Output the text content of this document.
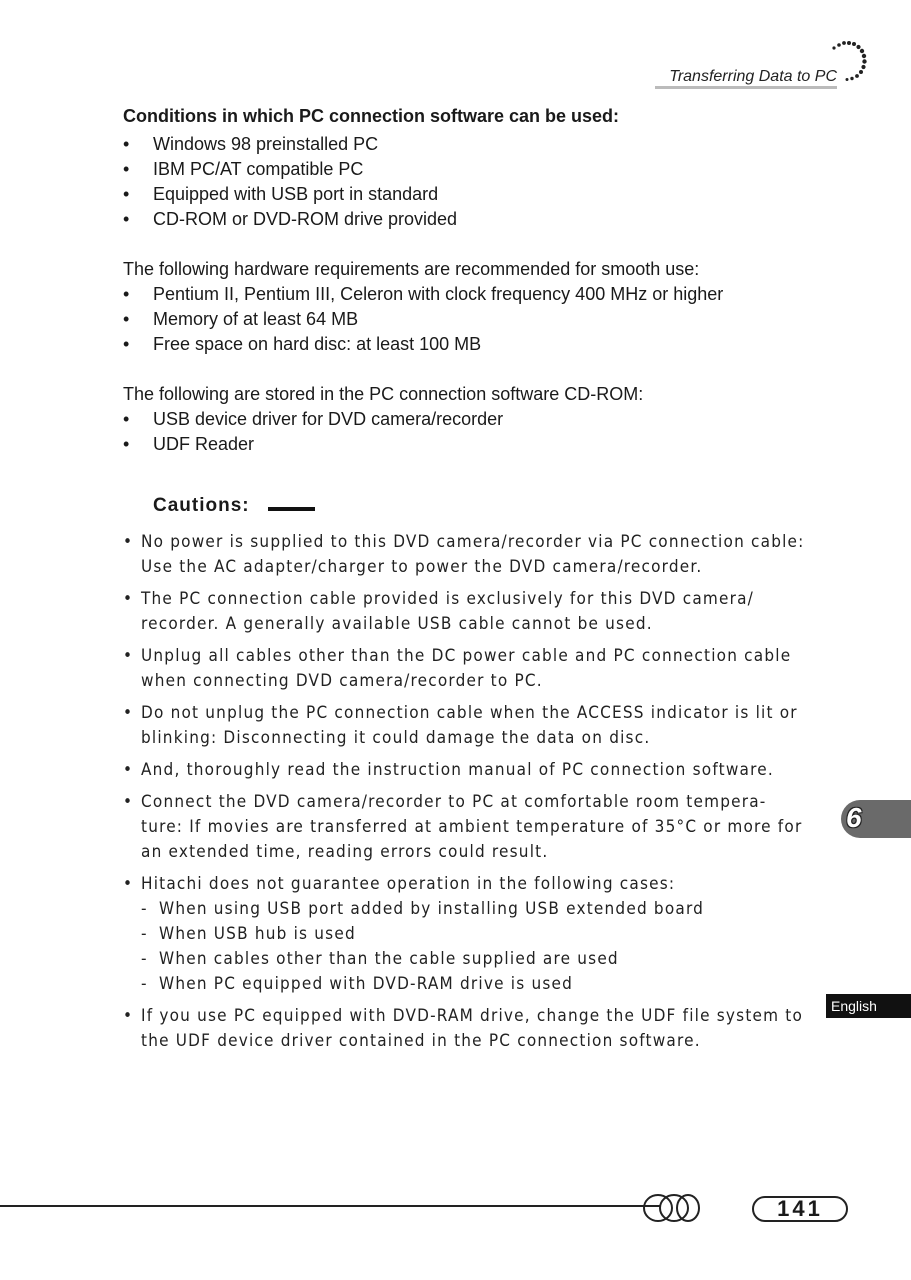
Transferring Data to PC

Conditions in which PC connection software can be used:

• Windows 98 preinstalled PC
• IBM PC/AT compatible PC
• Equipped with USB port in standard
• CD-ROM or DVD-ROM drive provided

The following hardware requirements are recommended for smooth use:

• Pentium II, Pentium III, Celeron with clock frequency 400 MHz or higher
• Memory of at least 64 MB
• Free space on hard disc: at least 100 MB

The following are stored in the PC connection software CD-ROM:

• USB device driver for DVD camera/recorder
• UDF Reader
Cautions:
• No power is supplied to this DVD camera/recorder via PC connection cable: Use the AC adapter/charger to power the DVD camera/recorder.
• The PC connection cable provided is exclusively for this DVD camera/ recorder. A generally available USB cable cannot be used.
• Unplug all cables other than the DC power cable and PC connection cable when connecting DVD camera/recorder to PC.
• Do not unplug the PC connection cable when the ACCESS indicator is lit or blinking: Disconnecting it could damage the data on disc.
• And, thoroughly read the instruction manual of PC connection software.
• Connect the DVD camera/recorder to PC at comfortable room tempera- ture: If movies are transferred at ambient temperature of 35°C or more for an extended time, reading errors could result.
• Hitachi does not guarantee operation in the following cases:
- When using USB port added by installing USB extended board
- When USB hub is used
- When cables other than the cable supplied are used
- When PC equipped with DVD-RAM drive is used
• If you use PC equipped with DVD-RAM drive, change the UDF file system to the UDF device driver contained in the PC connection software.
6
English
141
